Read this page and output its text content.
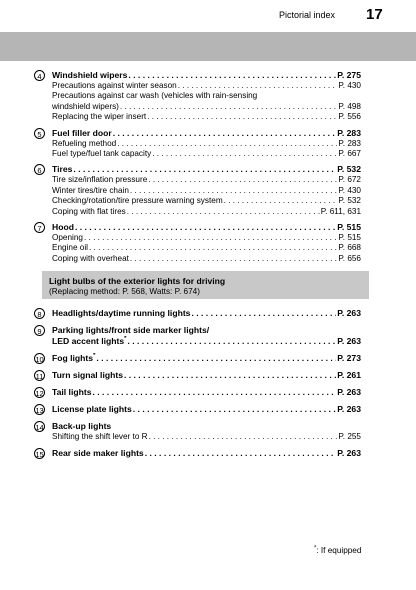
Pictorial index 17
4	Windshield wipers . . .	P. 275
Precautions against winter season . . .	P. 430
Precautions against car wash (vehicles with rain-sensing
windshield wipers) . . .	P. 498
Replacing the wiper insert . . .	P. 556
5	Fuel filler door . . .	P. 283
Refueling method . . .	P. 283
Fuel type/fuel tank capacity . . .	P. 667
6	Tires . . .	P. 532
Tire size/inflation pressure . . .	P. 672
Winter tires/tire chain . . .	P. 430
Checking/rotation/tire pressure warning system . . .	P. 532
Coping with flat tires . . .	P. 611, 631
7	Hood . . .	P. 515
Opening . . .	P. 515
Engine oil . . .	P. 668
Coping with overheat . . .	P. 656
Light bulbs of the exterior lights for driving
(Replacing method: P. 568, Watts: P. 674)
8	Headlights/daytime running lights . . .	P. 263
9	Parking lights/front side marker lights/
LED accent lights* . . .	P. 263
10 Fog lights* . . .	P. 273
11 Turn signal lights . . .	P. 261
12 Tail lights . . .	P. 263
13 License plate lights . . .	P. 263
14 Back-up lights
Shifting the shift lever to R . . .	P. 255
15 Rear side maker lights . . .	P. 263
*: If equipped
